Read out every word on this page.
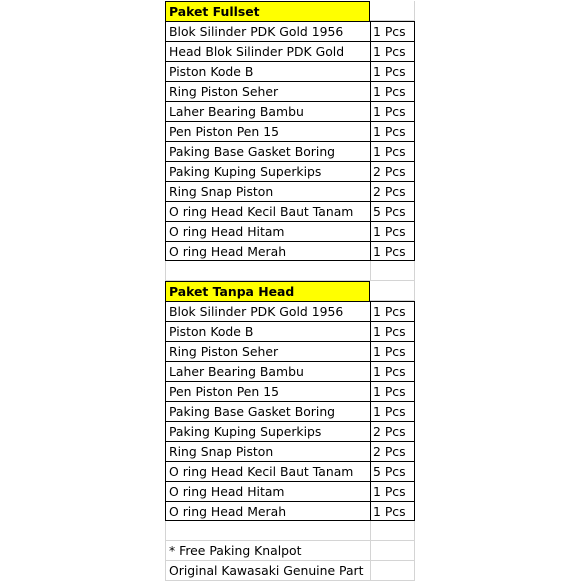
Paket Fullset
Blok Silinder PDK Gold 1956	1 Pcs
Head Blok Silinder PDK Gold	1 Pcs
Piston Kode B	1 Pcs
Ring Piston Seher	1 Pcs
Laher Bearing Bambu	1 Pcs
Pen Piston Pen 15	1 Pcs
Paking Base Gasket Boring	1 Pcs
Paking Kuping Superkips	2 Pcs
Ring Snap Piston	2 Pcs
O ring Head Kecil Baut Tanam	5 Pcs
O ring Head Hitam	1 Pcs
O ring Head Merah	1 Pcs
Paket Tanpa Head
Blok Silinder PDK Gold 1956	1 Pcs
Piston Kode B	1 Pcs
Ring Piston Seher	1 Pcs
Laher Bearing Bambu	1 Pcs
Pen Piston Pen 15	1 Pcs
Paking Base Gasket Boring	1 Pcs
Paking Kuping Superkips	2 Pcs
Ring Snap Piston	2 Pcs
O ring Head Kecil Baut Tanam	5 Pcs
O ring Head Hitam	1 Pcs
O ring Head Merah	1 Pcs
* Free Paking Knalpot
Original Kawasaki Genuine Part
